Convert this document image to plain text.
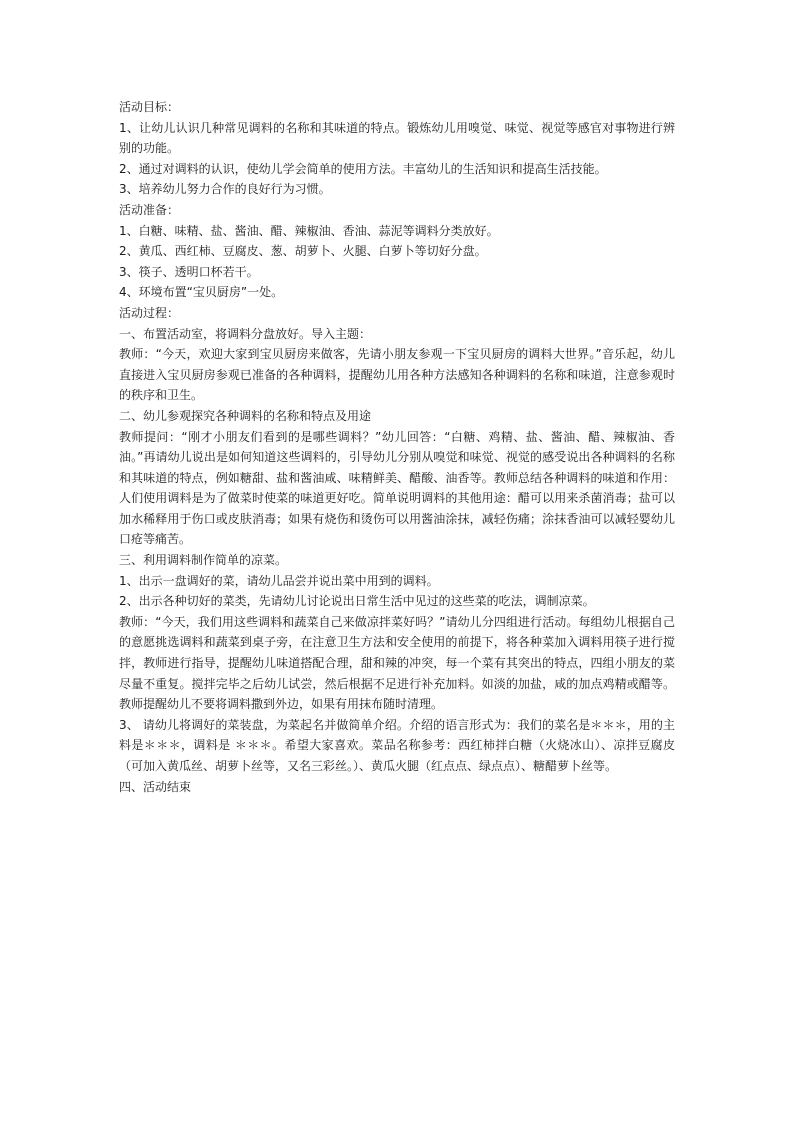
活动目标：

1、让幼儿认识几种常见调料的名称和其味道的特点。锻炼幼儿用嗅觉、味觉、视觉等感官对事物进行辨别的功能。

2、通过对调料的认识，使幼儿学会简单的使用方法。丰富幼儿的生活知识和提高生活技能。

3、培养幼儿努力合作的良好行为习惯。

活动准备：

1、白糖、味精、盐、酱油、醋、辣椒油、香油、蒜泥等调料分类放好。

2、黄瓜、西红柿、豆腐皮、葱、胡萝卜、火腿、白萝卜等切好分盘。

3、筷子、透明口杯若干。

4、环境布置“宝贝厨房”一处。

活动过程：

一、布置活动室，将调料分盘放好。导入主题：

教师：“今天，欢迎大家到宝贝厨房来做客，先请小朋友参观一下宝贝厨房的调料大世界。”音乐起，幼儿直接进入宝贝厨房参观已准备的各种调料，提醒幼儿用各种方法感知各种调料的名称和味道，注意参观时的秩序和卫生。

二、幼儿参观探究各种调料的名称和特点及用途

教师提问：“刚才小朋友们看到的是哪些调料？”幼儿回答：“白糖、鸡精、盐、酱油、醋、辣椒油、香油。”再请幼儿说出是如何知道这些调料的，引导幼儿分别从嗅觉和味觉、视觉的感受说出各种调料的名称和其味道的特点，例如糖甜、盐和酱油咸、味精鲜美、醋酸、油香等。教师总结各种调料的味道和作用：人们使用调料是为了做菜时使菜的味道更好吃。简单说明调料的其他用途：醋可以用来杀菌消毒；盐可以加水稀释用于伤口或皮肤消毒；如果有烧伤和烫伤可以用酱油涂抹，减轻伤痛；涂抹香油可以减轻婴幼儿口疮等痛苦。

三、利用调料制作简单的凉菜。

1、出示一盘调好的菜，请幼儿品尝并说出菜中用到的调料。

2、出示各种切好的菜类，先请幼儿讨论说出日常生活中见过的这些菜的吃法，调制凉菜。

教师：“今天，我们用这些调料和蔬菜自己来做凉拌菜好吗？”请幼儿分四组进行活动。每组幼儿根据自己的意愿挑选调料和蔬菜到桌子旁，在注意卫生方法和安全使用的前提下，将各种菜加入调料用筷子进行搅拌，教师进行指导，提醒幼儿味道搭配合理，甜和辣的冲突，每一个菜有其突出的特点，四组小朋友的菜尽量不重复。搅拌完毕之后幼儿试尝，然后根据不足进行补充加料。如淡的加盐，咸的加点鸡精或醋等。教师提醒幼儿不要将调料撒到外边，如果有用抹布随时清理。

3、 请幼儿将调好的菜装盘，为菜起名并做简单介绍。介绍的语言形式为：我们的菜名是＊＊＊，用的主料是＊＊＊，调料是 ＊＊＊。希望大家喜欢。菜品名称参考：西红柿拌白糖（火烧冰山）、凉拌豆腐皮（可加入黄瓜丝、胡萝卜丝等，又名三彩丝。）、黄瓜火腿（红点点、绿点点）、糖醋萝卜丝等。

四、活动结束
